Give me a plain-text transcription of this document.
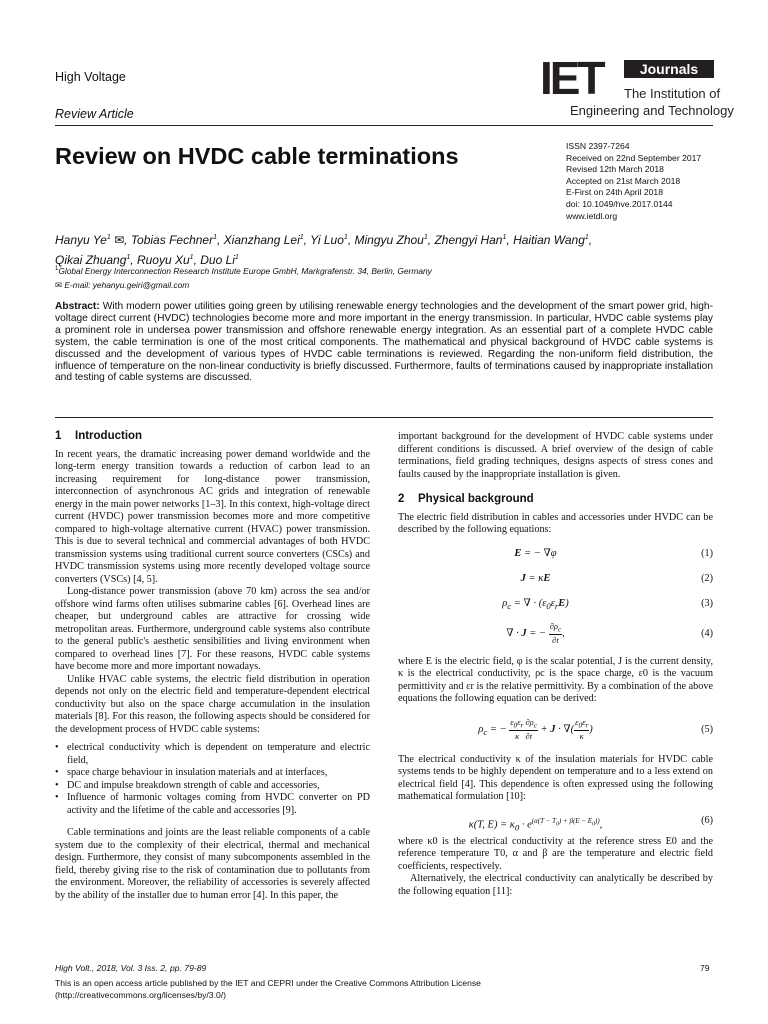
High Voltage
Review Article
IET	Journals
The Institution of
Engineering and Technology
Review on HVDC cable terminations	ISSN 2397-7264
Received on 22nd September 2017
Revised 12th March 2018
Accepted on 21st March 2018
E-First on 24th April 2018
doi: 10.1049/hve.2017.0144
www.ietdl.org
Hanyu Ye$^1$ ✉, Tobias Fechner$^1$, Xianzhang Lei$^1$, Yi Luo$^1$, Mingyu Zhou$^1$, Zhengyi Han$^1$, Haitian Wang$^1$,
Qikai Zhuang$^1$, Ruoyu Xu$^1$, Duo Li$^1$
$^1$Global Energy Interconnection Research Institute Europe GmbH, Markgrafenstr. 34, Berlin, Germany
✉ E-mail: yehanyu.geiri@gmail.com
Abstract: With modern power utilities going green by utilising renewable energy technologies and the development of the smart power grid, high-voltage direct current (HVDC) technologies become more and more important in the energy transmission. In particular, HVDC cable systems play a prominent role in undersea power transmission and offshore renewable energy integration. As an essential part of a complete HVDC cable system, the cable termination is one of the most critical components. The mathematical and physical background of HVDC cable systems is discussed and the development of various types of HVDC cable terminations is reviewed. Regarding the non-uniform field distribution, the influence of temperature on the non-linear conductivity is briefly discussed. Furthermore, faults of terminations caused by inappropriate installation and testing of cable systems are discussed.
1 Introduction

In recent years, the dramatic increasing power demand worldwide and the long-term energy transition towards a reduction of carbon lead to an increasing requirement for long-distance power transmission, interconnection of asynchronous AC grids and integration of renewable energy in the main power networks [1–3]. In this context, high-voltage direct current (HVDC) power transmission becomes more and more competitive compared to high-voltage alternative current (HVAC) power transmission. This is due to several technical and commercial advantages of both HVDC transmission systems using traditional current source converters (CSCs) and HVDC transmission systems using more recently developed voltage source converters (VSCs) [4, 5].

Long-distance power transmission (above 70 km) across the sea and/or offshore wind farms often utilises submarine cables [6]. Overhead lines are cheaper, but underground cables are attractive for crossing wide metropolitan areas. Furthermore, underground cable systems also contribute to the general public's aesthetic sensibilities and living environment when compared to overhead lines [7]. For these reasons, HVDC cable systems have become more and more important nowadays.

Unlike HVAC cable systems, the electric field distribution in operation depends not only on the electric field and temperature-dependent electrical conductivity but also on the space charge accumulation in the insulation materials [8]. For this reason, the following aspects should be considered for the development process of HVDC cable systems:

• electrical conductivity which is dependent on temperature and electric field,
• space charge behaviour in insulation materials and at interfaces,
• DC and impulse breakdown strength of cable and accessories,
• Influence of harmonic voltages coming from HVDC converter on PD activity and the lifetime of the cable and accessories [9].

Cable terminations and joints are the least reliable components of a cable system due to the complexity of their electrical, thermal and mechanical design. Furthermore, they consist of many subcomponents assembled in the field, thereby giving rise to the risk of contamination due to pollutants from the environment. Moreover, the reliability of accessories is severely affected by the ability of the installer due to human error [4]. In this paper, the

important background for the development of HVDC cable systems under different conditions is discussed. A brief overview of the design of cable terminations, field grading techniques, designs aspects of stress cones and faults caused by the inappropriate installation is given.

2 Physical background

The electric field distribution in cables and accessories under HVDC can be described by the following equations:

E = − ∇φ	(1)
J = κE	(2)
$\rho_c$ = ∇ · $(\varepsilon_0\varepsilon_rE)$	(3)
∇ · J = − $\frac{\partial\rho_c}{\partial t}$ ,	(4)

where E is the electric field, φ is the scalar potential, J is the current density, κ is the electrical conductivity, ρc is the space charge, ε0 is the vacuum permittivity and εr is the relative permittivity. By a combination of the above equations the following equation can be derived:

$\rho_c$ = − $\frac{\varepsilon_0\varepsilon_r \partial\rho_c}{\kappa \partial t} + J$ · ∇( $\frac{\varepsilon_0\varepsilon_r}{\kappa}$ )	(5)

The electrical conductivity κ of the insulation materials for HVDC cable systems tends to be highly dependent on temperature and to a less extend on electrical field [4]. This dependence is often expressed using the following mathematical formulation [10]:

κ(T, $E) = \kappa_0 \cdot e^{(\alpha(T - T_0) + \beta(E - E_0))}$,	(6)

where κ0 is the electrical conductivity at the reference stress E0 and the reference temperature T0, α and β are the temperature and electric field coefficients, respectively.

Alternatively, the electrical conductivity can analytically be described by the following equation [11]:

High Volt., 2018, Vol. 3 Iss. 2, pp. 79-89	79
This is an open access article published by the IET and CEPRI under the Creative Commons Attribution License
(http://creativecommons.org/licenses/by/3.0/)
